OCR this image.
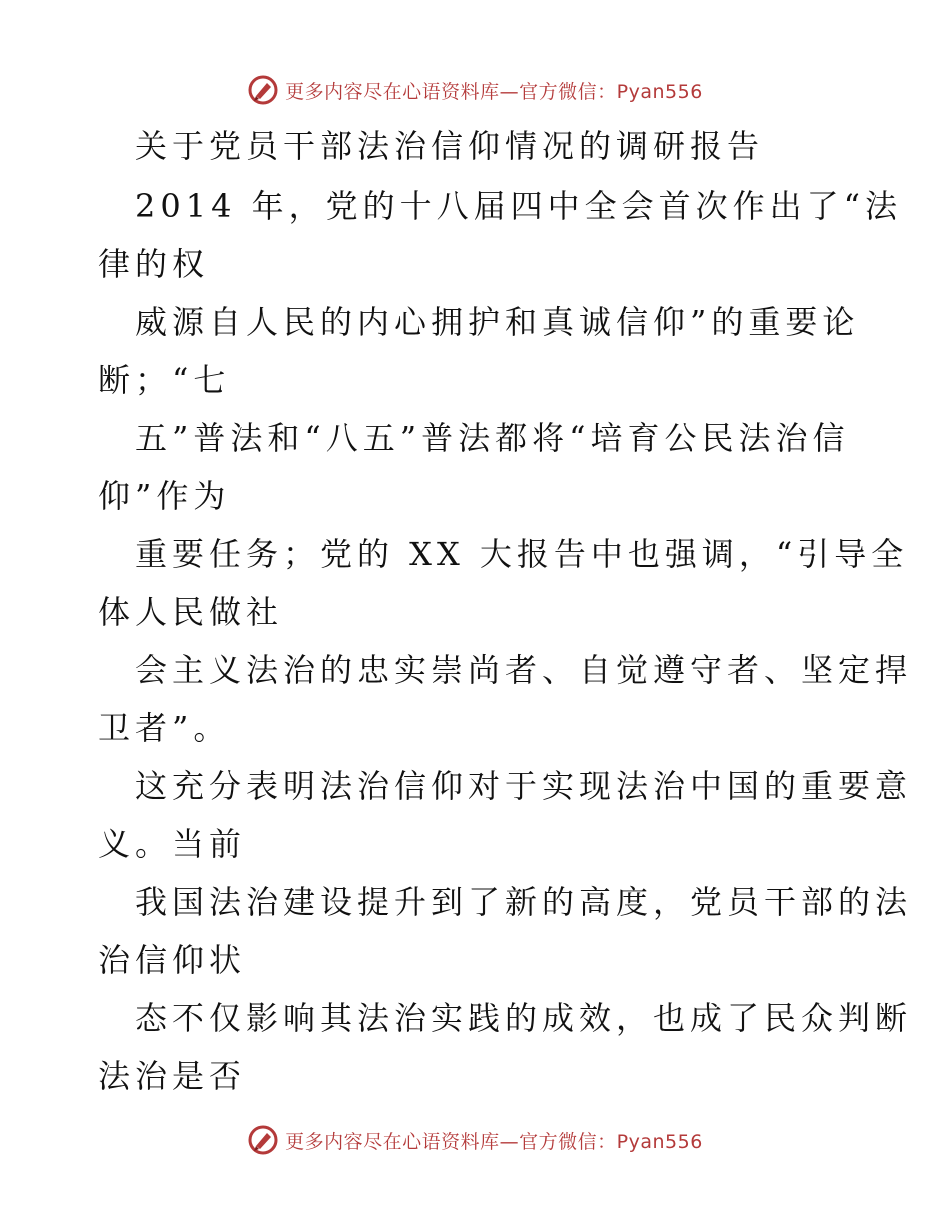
更多内容尽在心语资料库—官方微信：Pyan556
关于党员干部法治信仰情况的调研报告
2014 年，党的十八届四中全会首次作出了“法
律的权
威源自人民的内心拥护和真诚信仰”的重要论
断；“七
五”普法和“八五”普法都将“培育公民法治信
仰”作为
重要任务；党的 XX 大报告中也强调，“引导全
体人民做社
会主义法治的忠实崇尚者、自觉遵守者、坚定捍
卫者”。
这充分表明法治信仰对于实现法治中国的重要意
义。当前
我国法治建设提升到了新的高度，党员干部的法
治信仰状
态不仅影响其法治实践的成效，也成了民众判断
法治是否
更多内容尽在心语资料库—官方微信：Pyan556
